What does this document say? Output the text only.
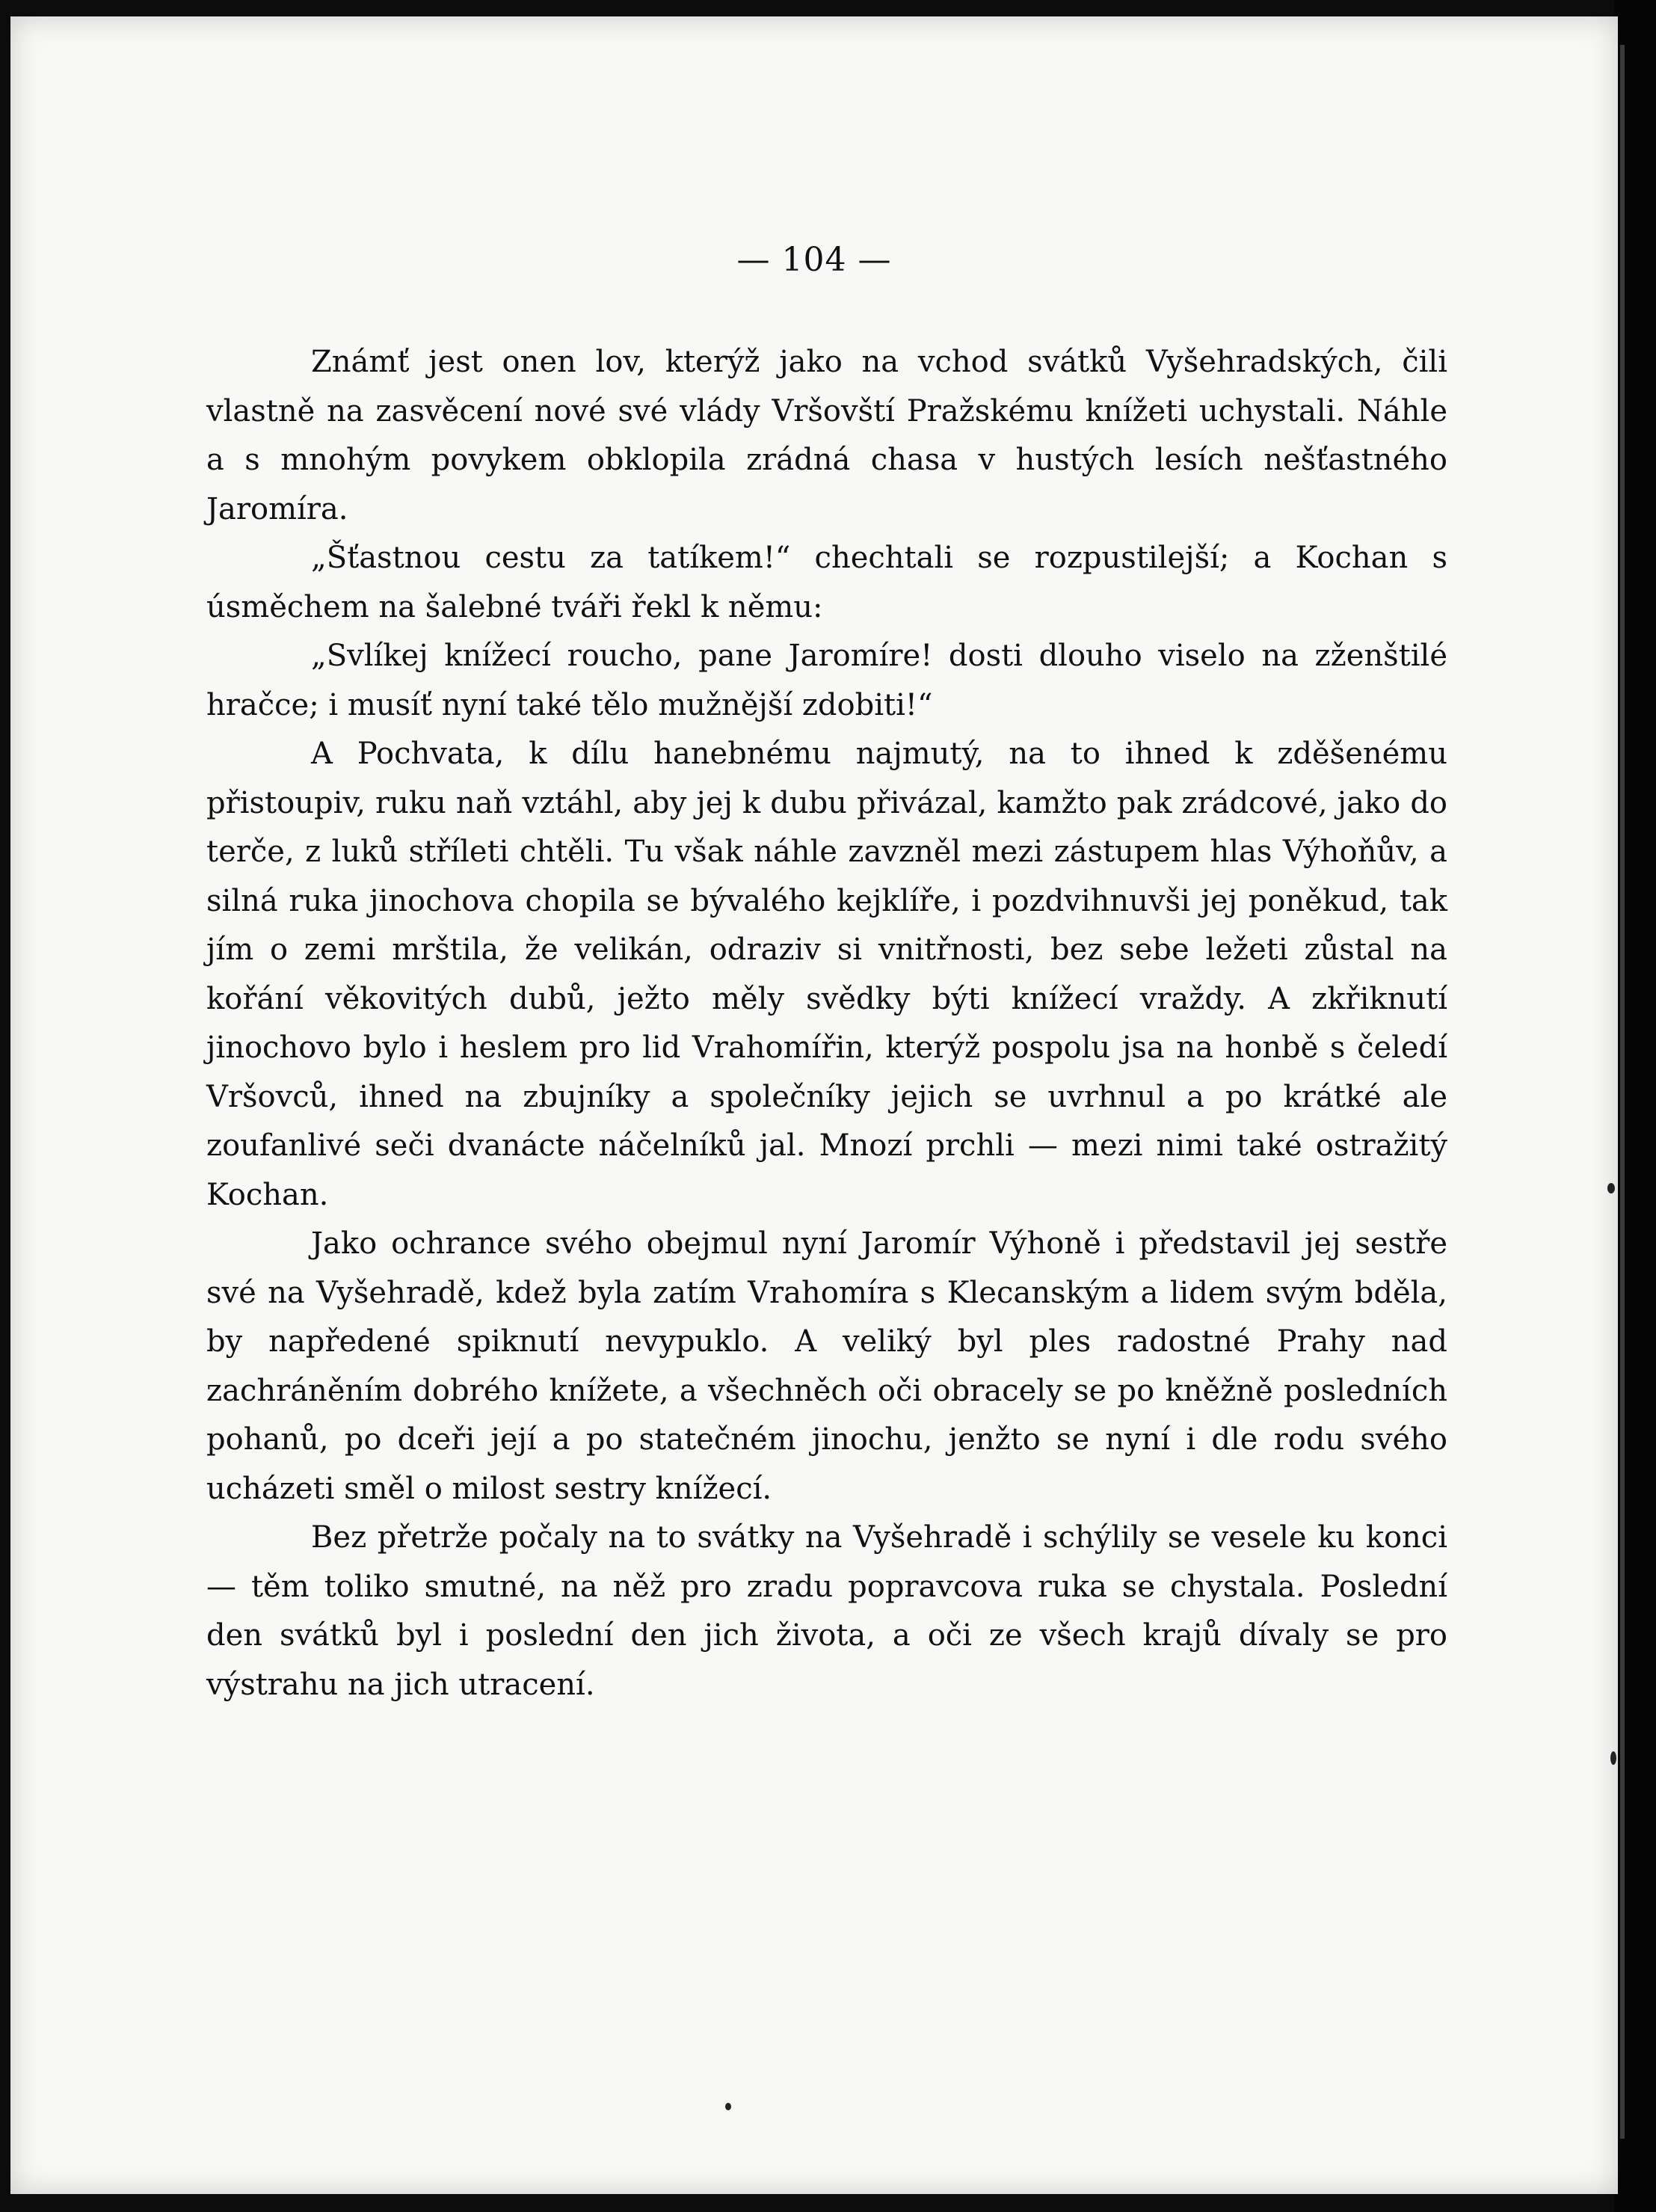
— 104 —

Známť jest onen lov, kterýž jako na vchod svátků Vyšehradských, čili vlastně na zasvěcení nové své vlády Vršovští Pražskému knížeti uchystali. Náhle a s mnohým povykem obklopila zrádná chasa v hustých lesích nešťastného Jaromíra.

„Šťastnou cestu za tatíkem!“ chechtali se rozpustilejší; a Kochan s úsměchem na šalebné tváři řekl k němu:

„Svlíkej knížecí roucho, pane Jaromíre! dosti dlouho viselo na zženštilé hračce; i musíť nyní také tělo mužnější zdobiti!“

A Pochvata, k dílu hanebnému najmutý, na to ihned k zděšenému přistoupiv, ruku naň vztáhl, aby jej k dubu přivázal, kamžto pak zrádcové, jako do terče, z luků stříleti chtěli. Tu však náhle zavzněl mezi zástupem hlas Výhoňův, a silná ruka jinochova chopila se bývalého kejklíře, i pozdvihnuvši jej poněkud, tak jím o zemi mrštila, že velikán, odraziv si vnitřnosti, bez sebe ležeti zůstal na kořání věkovitých dubů, ježto měly svědky býti knížecí vraždy. A zkřiknutí jinochovo bylo i heslem pro lid Vrahomířin, kterýž pospolu jsa na honbě s čeledí Vršovců, ihned na zbujníky a společníky jejich se uvrhnul a po krátké ale zoufanlivé seči dvanácte náčelníků jal. Mnozí prchli — mezi nimi také ostražitý Kochan.

Jako ochrance svého obejmul nyní Jaromír Výhoně i představil jej sestře své na Vyšehradě, kdež byla zatím Vrahomíra s Klecanským a lidem svým bděla, by napředené spiknutí nevypuklo. A veliký byl ples radostné Prahy nad zachráněním dobrého knížete, a všechněch oči obracely se po kněžně posledních pohanů, po dceři její a po statečném jinochu, jenžto se nyní i dle rodu svého ucházeti směl o milost sestry knížecí.

Bez přetrže počaly na to svátky na Vyšehradě i schýlily se vesele ku konci — těm toliko smutné, na něž pro zradu popravcova ruka se chystala. Poslední den svátků byl i poslední den jich života, a oči ze všech krajů dívaly se pro výstrahu na jich utracení.
